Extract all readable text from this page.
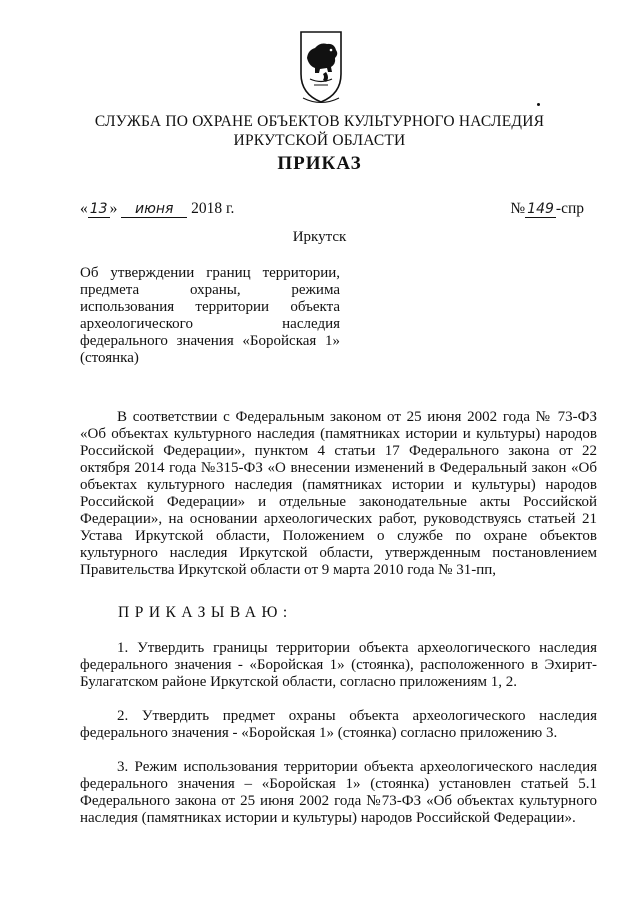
СЛУЖБА ПО ОХРАНЕ ОБЪЕКТОВ КУЛЬТУРНОГО НАСЛЕДИЯ
ИРКУТСКОЙ ОБЛАСТИ
ПРИКАЗ
« 13 » июня 2018 г.	№ 149 -спр
Иркутск
Об утверждении границ территории,
предмета охраны, режима
использования территории объекта
археологического наследия
федерального значения «Боройская 1»
(стоянка)
В соответствии с Федеральным законом от 25 июня 2002 года № 73-ФЗ
«Об объектах культурного наследия (памятниках истории и культуры) народов
Российской Федерации», пунктом 4 статьи 17 Федерального закона от 22
октября 2014 года №315-ФЗ «О внесении изменений в Федеральный закон «Об
объектах культурного наследия (памятниках истории и культуры) народов
Российской Федерации» и отдельные законодательные акты Российской
Федерации», на основании археологических работ, руководствуясь статьей 21
Устава Иркутской области, Положением о службе по охране объектов
культурного наследия Иркутской области, утвержденным постановлением
Правительства Иркутской области от 9 марта 2010 года № 31-пп,
ПРИКАЗЫВАЮ:
1. Утвердить границы территории объекта археологического наследия
федерального значения - «Боройская 1» (стоянка), расположенного в Эхирит-
Булагатском районе Иркутской области, согласно приложениям 1, 2.
2. Утвердить предмет охраны объекта археологического наследия
федерального значения - «Боройская 1» (стоянка) согласно приложению 3.
3. Режим использования территории объекта археологического наследия
федерального значения – «Боройская 1» (стоянка) установлен статьей 5.1
Федерального закона от 25 июня 2002 года №73-ФЗ «Об объектах культурного
наследия (памятниках истории и культуры) народов Российской Федерации».
